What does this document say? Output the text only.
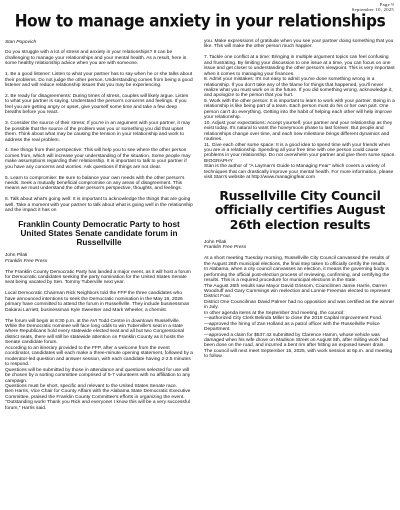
Page 9
September 10, 2025
How to manage anxiety in your relationships

Stan Popovich

Do you struggle with a lot of stress and anxiety in your relationships? It can be challenging to manage your relationships and your mental health. As a result, here is some healthy relationship advice when you are with someone.

1. Be a good listener: Listen to what your partner has to say when he or she talks about their problems. Do not judge the other person. Understanding comes from being a good listener and will reduce relationship issues that you may be experiencing.

2. Be ready for disagreements: During times of stress, couples will likely argue. Listen to what your partner is saying. Understand the person's concerns and feelings. If you feel you are getting angry or upset, give yourself some time and take a few deep breaths before you react.

3. Consider the source of their stress: If you're in an argument with your partner, it may be possible that the source of the problem was you or something you did that upset them. Think about what may be causing the tension in your relationship and work to address the real problem.

4. See things from their perspective: This will help you to see where the other person comes from, which will increase your understanding of the situation. Some people may make assumptions regarding their relationship. It is important to talk to your partner if you have any concerns and worries. Ask questions if things are not clear.

5. Learn to compromise: Be sure to balance your own needs with the other person's needs. Seek a mutually beneficial compromise on any areas of disagreement. This means we must understand the other person's perspective, thoughts, and feelings.

6. Talk about what's going well: It is important to acknowledge the things that are going well. Take a moment with your partner to talk about what is going well in the relationship and the impact it has on

Franklin County Democratic Party to host United States Senate candidate forum in Russellville

John Pilati

Franklin Free Press

The Franklin County Democratic Party has landed a major event, as it will host a forum for Democratic candidates seeking the party nomination for the United States Senate seat being vacated by Sen. Tommy Tuberville next year.

Local Democratic Chairman Rick Neighbors told the FFP the three candidates who have announced intentions to seek the Democratic nomination in the May 19, 2026 primary have committed to attend the forum in Russellville. They include businessman Dakarai Larriett, businessman Kyle Sweetser and Mark Wheeler, a chemist.

The forum will begin at 6:30 p.m. at the AVI Todd Centre in downtown Russellville.

While the Democratic nominee will face long odds to win Tuberville's seat in a state where Republicans hold every statewide elected seat and all but two Congressional district seats, there will still be statewide attention on Franklin County as it hosts the Senate candidate forum.

According to an itinerary provided to the FFP, after a welcome from the event coordinator, candidates will each make a three-minute opening statement, followed by a moderator-led question and answer session, with each candidate having 2-2.5 minutes to respond.

Questions will be submitted by those in attendance and questions selected for use will be chosen by a sorting committee comprised of 5-7 volunteers with no affiliation to any campaign.

Questions must be short, specific and relevant to the United States Senate race.

Ben Harris, Vice Chair for County Affairs with the Alabama State Democratic Executive Committee, praised the Franklin County Committee's efforts in organizing the event.

"Outstanding work! Thank you Rick and everyone! I know this will be a very successful forum," Harris said.

you. Make expressions of gratitude when you see your partner doing something that you like. This will make the other person much happier.

7. Tackle one conflict at a time: Bringing in multiple argument topics can feel confusing and frustrating. By limiting your discussion to one issue at a time, you can focus on one issue and get closer to understanding the other person's viewpoint. This is very important when it comes to managing your finances.

8. Admit your mistakes: It's not easy to admit you've done something wrong in a relationship. If you don't take any of the blame for things that happened, you'll never realize what you must work on in the future. If you did something wrong, acknowledge it, and apologize to the person that you hurt.

9. Work with the other person: It is important to learn to work with your partner. Being in a relationship is like being part of a team. Each person must do his or her own part. One person can't do everything. Getting into the habit of helping each other will help improve your relationship.

10. Adjust your expectations: Accept yourself, your partner and your relationship as they exist today. It's natural to want the honeymoon phase to last forever. But people and relationships change over time, and each new milestone brings different dynamics and routines.

11. Give each other some space: It is a good idea to spend time with your friends when you are in a relationship. Spending all your free time with one person could cause problems in your relationship. Do not overwhelm your partner and give them some space.

BIOGRAPHY

Stan is the author of "A Layman's Guide to Managing Fear" which covers a variety of techniques that can drastically improve your mental health. For more information, please visit Stan's website at http://www.managingfear.com

Russellville City Council officially certifies August 26th election results

John Pilati

Franklin Free Press

At a short meeting Tuesday morning, Russellville City Council canvassed the results of the August 26th municipal elections, the final step taken to officially certify the results.

In Alabama, when a city council canvasses an election, it means the governing body is performing the official post-election process of reviewing, confirming, and certifying the results. This is a required procedure for municipal elections in the state.

The August 26th results saw Mayor David Grissom, Councilmen Jamie Harris, Darren Woodruff and Gary Cummings win reelection and Lonnie Freeman elected to represent District Four.

District One Councilman David Palmer had no opposition and was certified as the winner in July.

In other agenda items at the September 2nd meeting, the council:

—authorized City Clerk Belinda Miller to close the 2019 Capital Improvement Fund.

—approved the hiring of Zan Holland as a patrol officer with the Russellville Police Department.

—approved a claim for $537.42 submitted by Clarence Hamm, whose vehicle was damaged when his wife drove on Madison Street on August 5th, after milling work had been done on the road, and incurred a bent rim after hitting an exposed sewer drain.

The council will next meet September 15, 2025, with work session at 6p.m. and meeting to follow.
